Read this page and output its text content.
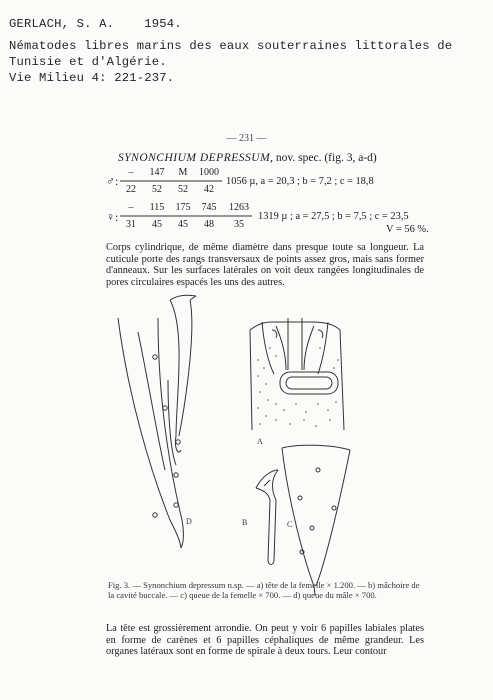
GERLACH, S. A.    1954.
Nématodes libres marins des eaux souterraines littorales de
Tunisie et d'Algérie.
Vie Milieu 4: 221-237.
— 231 —
SYNONCHIUM DEPRESSUM, nov. spec. (fig. 3, a-d)
♂:
–	147	M	1000
22	52	52	42
1056 µ, a = 20,3 ; b = 7,2 ; c = 18,8
♀:
–	115	175	745	1263
31	45	45	48	35
1319 µ ; a = 27,5 ; b = 7,5 ; c = 23,5
V = 56 %.
Corps cylindrique, de même diamètre dans presque toute sa longueur. La cuticule porte des rangs transversaux de points assez gros, mais sans former d'anneaux. Sur les surfaces latérales on voit deux rangées longitudinales de pores circulaires espacés les uns des autres.
D
A
B	C
Fig. 3. — Synonchium depressum n.sp. — a) tête de la femelle × 1.200. — b) mâchoire de la cavité buccale. — c) queue de la femelle × 700. — d) queue du mâle × 700.
La tête est grossièrement arrondie. On peut y voir 6 papilles labiales plates en forme de carènes et 6 papilles céphaliques de même grandeur. Les organes latéraux sont en forme de spirale à deux tours. Leur contour
